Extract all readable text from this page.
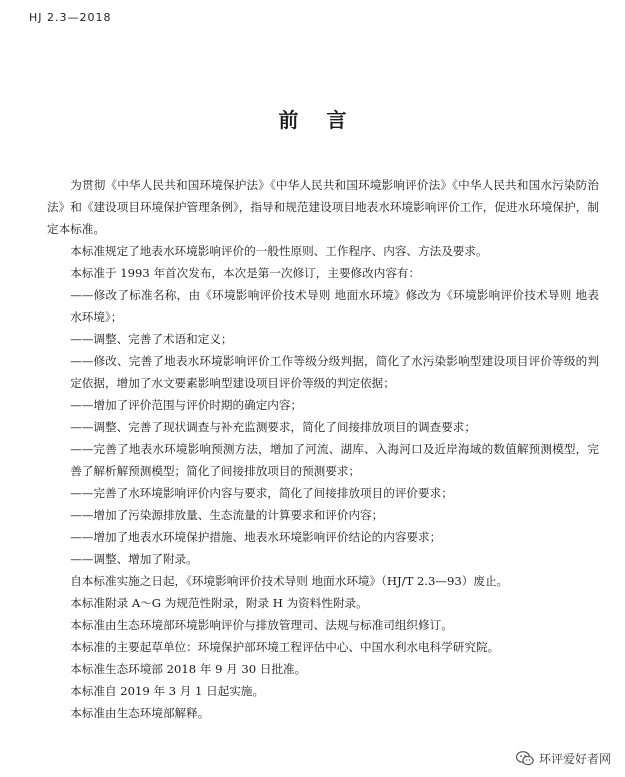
HJ 2.3—2018
前言

为贯彻《中华人民共和国环境保护法》《中华人民共和国环境影响评价法》《中华人民共和国水污染防治法》和《建设项目环境保护管理条例》，指导和规范建设项目地表水环境影响评价工作，促进水环境保护，制定本标准。

本标准规定了地表水环境影响评价的一般性原则、工作程序、内容、方法及要求。

本标准于 1993 年首次发布，本次是第一次修订，主要修改内容有：

——修改了标准名称，由《环境影响评价技术导则 地面水环境》修改为《环境影响评价技术导则 地表水环境》；

——调整、完善了术语和定义；

——修改、完善了地表水环境影响评价工作等级分级判据，简化了水污染影响型建设项目评价等级的判定依据，增加了水文要素影响型建设项目评价等级的判定依据；

——增加了评价范围与评价时期的确定内容；

——调整、完善了现状调查与补充监测要求，简化了间接排放项目的调查要求；

——完善了地表水环境影响预测方法，增加了河流、湖库、入海河口及近岸海域的数值解预测模型，完善了解析解预测模型；简化了间接排放项目的预测要求；

——完善了水环境影响评价内容与要求，简化了间接排放项目的评价要求；

——增加了污染源排放量、生态流量的计算要求和评价内容；

——增加了地表水环境保护措施、地表水环境影响评价结论的内容要求；

——调整、增加了附录。

自本标准实施之日起，《环境影响评价技术导则 地面水环境》（HJ/T 2.3—93）废止。

本标准附录 A～G 为规范性附录，附录 H 为资料性附录。

本标准由生态环境部环境影响评价与排放管理司、法规与标准司组织修订。

本标准的主要起草单位：环境保护部环境工程评估中心、中国水利水电科学研究院。

本标准生态环境部 2018 年 9 月 30 日批准。

本标准自 2019 年 3 月 1 日起实施。

本标准由生态环境部解释。

环评爱好者网
